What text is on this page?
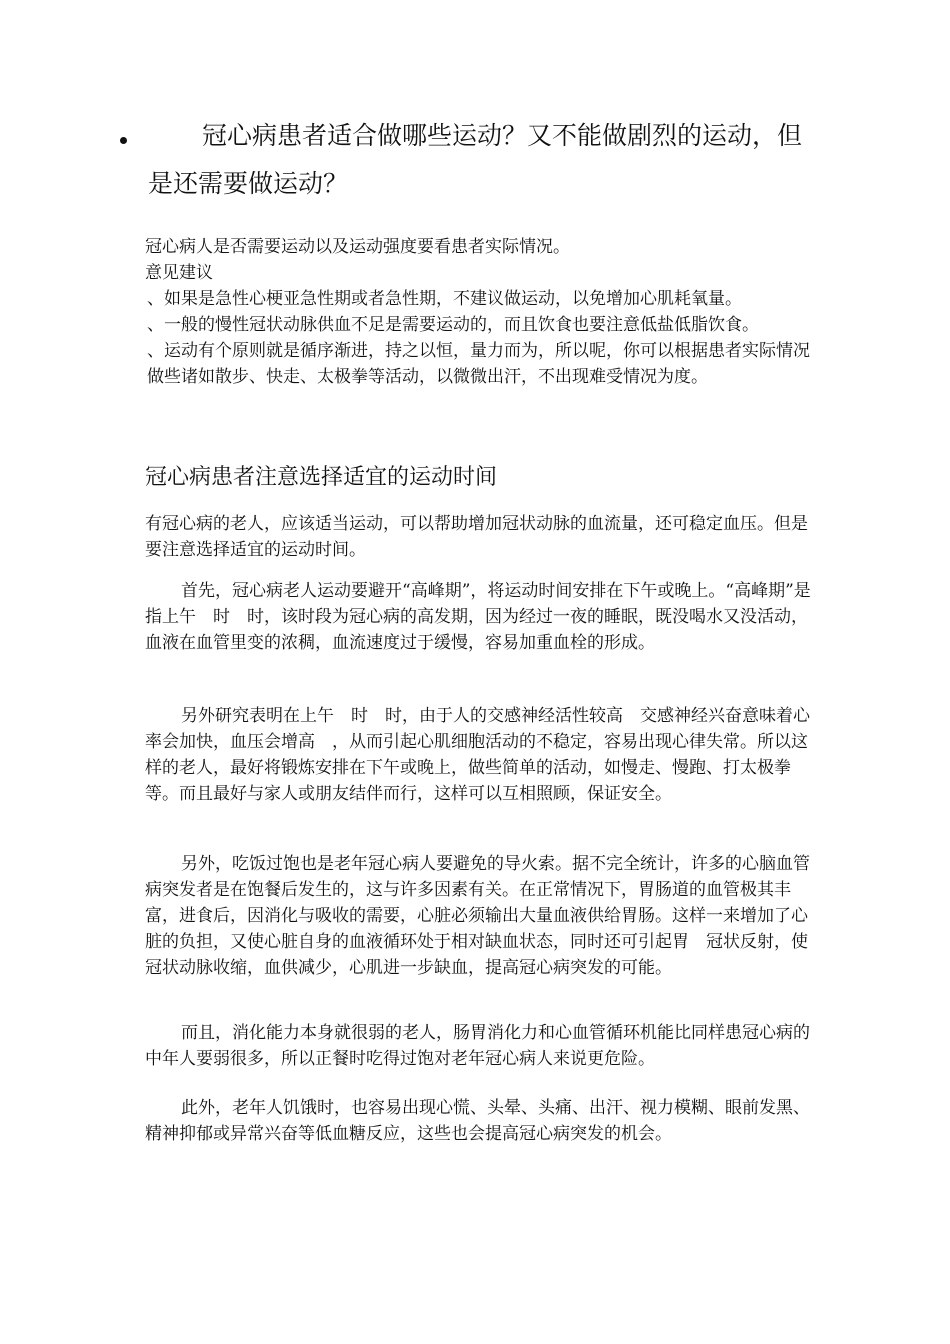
冠心病患者适合做哪些运动？又不能做剧烈的运动，但是还需要做运动？

冠心病人是否需要运动以及运动强度要看患者实际情况。

意见建议

、如果是急性心梗亚急性期或者急性期，不建议做运动，以免增加心肌耗氧量。

、一般的慢性冠状动脉供血不足是需要运动的，而且饮食也要注意低盐低脂饮食。

、运动有个原则就是循序渐进，持之以恒，量力而为，所以呢，你可以根据患者实际情况做些诸如散步、快走、太极拳等活动，以微微出汗，不出现难受情况为度。

冠心病患者注意选择适宜的运动时间

有冠心病的老人，应该适当运动，可以帮助增加冠状动脉的血流量，还可稳定血压。但是要注意选择适宜的运动时间。

首先，冠心病老人运动要避开“高峰期”，将运动时间安排在下午或晚上。“高峰期”是指上午　时　时，该时段为冠心病的高发期，因为经过一夜的睡眠，既没喝水又没活动，血液在血管里变的浓稠，血流速度过于缓慢，容易加重血栓的形成。

另外研究表明在上午　时　时，由于人的交感神经活性较高　交感神经兴奋意味着心率会加快，血压会增高　，从而引起心肌细胞活动的不稳定，容易出现心律失常。所以这样的老人，最好将锻炼安排在下午或晚上，做些简单的活动，如慢走、慢跑、打太极拳等。而且最好与家人或朋友结伴而行，这样可以互相照顾，保证安全。

另外，吃饭过饱也是老年冠心病人要避免的导火索。据不完全统计，许多的心脑血管病突发者是在饱餐后发生的，这与许多因素有关。在正常情况下，胃肠道的血管极其丰富，进食后，因消化与吸收的需要，心脏必须输出大量血液供给胃肠。这样一来增加了心脏的负担，又使心脏自身的血液循环处于相对缺血状态，同时还可引起胃　冠状反射，使冠状动脉收缩，血供减少，心肌进一步缺血，提高冠心病突发的可能。

而且，消化能力本身就很弱的老人，肠胃消化力和心血管循环机能比同样患冠心病的中年人要弱很多，所以正餐时吃得过饱对老年冠心病人来说更危险。

此外，老年人饥饿时，也容易出现心慌、头晕、头痛、出汗、视力模糊、眼前发黑、精神抑郁或异常兴奋等低血糖反应，这些也会提高冠心病突发的机会。
